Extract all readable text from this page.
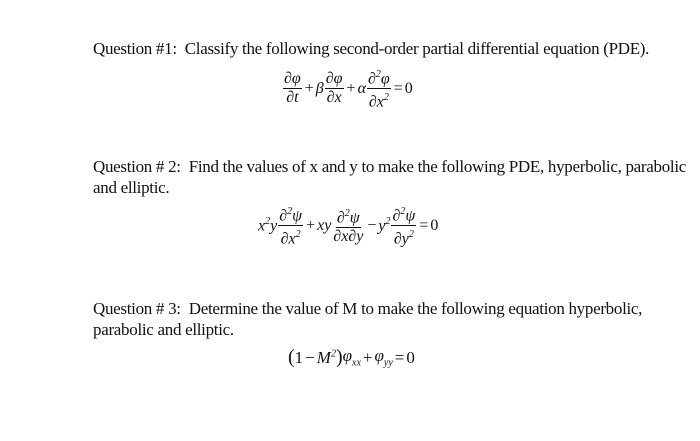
Question #1: Classify the following second-order partial differential equation (PDE).
$\frac{\partial\varphi}{\partial t} + \beta \frac{\partial\varphi}{\partial x} + \alpha \frac{\partial^2\varphi}{\partial x^2} = 0$
Question # 2: Find the values of x and y to make the following PDE, hyperbolic, parabolic
and elliptic.
$x^2y \frac{\partial^2\psi}{\partial x^2}$ + xy $\frac{\partial^2\psi}{\partial x\partial y} - y^2 \frac{\partial^2\psi}{\partial y^2} = 0$
Question # 3: Determine the value of M to make the following equation hyperbolic,
parabolic and elliptic.
( $1 - M^2$ ) $\varphi_{xx} + \varphi_{yy} = 0$
